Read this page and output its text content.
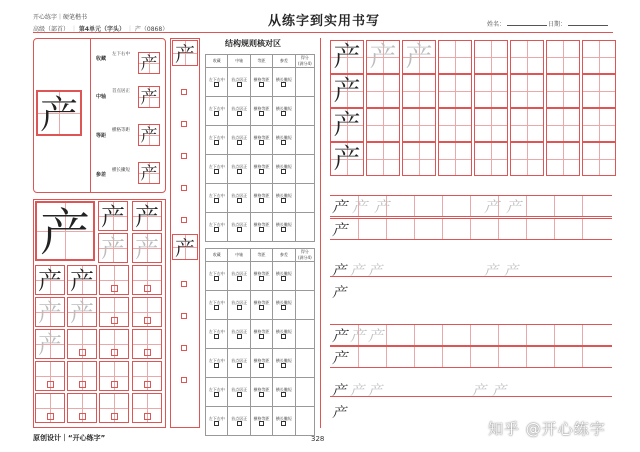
开心练字｜硬笔楷书
高级（部首） ｜ 第4单元（字头） ｜ 产（0868）
从练字到实用书写	姓名：	日期：
产
收藏
左下右中 产
中轴
首点居正 产
等距
横格等距 产
参差
横长撇短 产
产
产
产
结构规则核对区
原创设计｜“开心练字”	328
知乎 @开心练字
产 产
产 产
产 产
产 产
产
收藏	中轴	等距	参差	得分
(满分4)

左下右中	首点居正	横格等距	横长撇短	

左下右中	首点居正	横格等距	横长撇短	

左下右中	首点居正	横格等距	横长撇短	

左下右中	首点居正	横格等距	横长撇短	

左下右中	首点居正	横格等距	横长撇短	

左下右中	首点居正	横格等距	横长撇短	

收藏	中轴	等距	参差	得分
(满分4)

左下右中	首点居正	横格等距	横长撇短	

左下右中	首点居正	横格等距	横长撇短	

左下右中	首点居正	横格等距	横长撇短	

左下右中	首点居正	横格等距	横长撇短	

左下右中	首点居正	横格等距	横长撇短	

左下右中	首点居正	横格等距	横长撇短	

产 产 产
产
产
产
产 产 产	产 产
产
产 产 产
产
产 产 产	产 产
产
产 产 产	产 产
产
